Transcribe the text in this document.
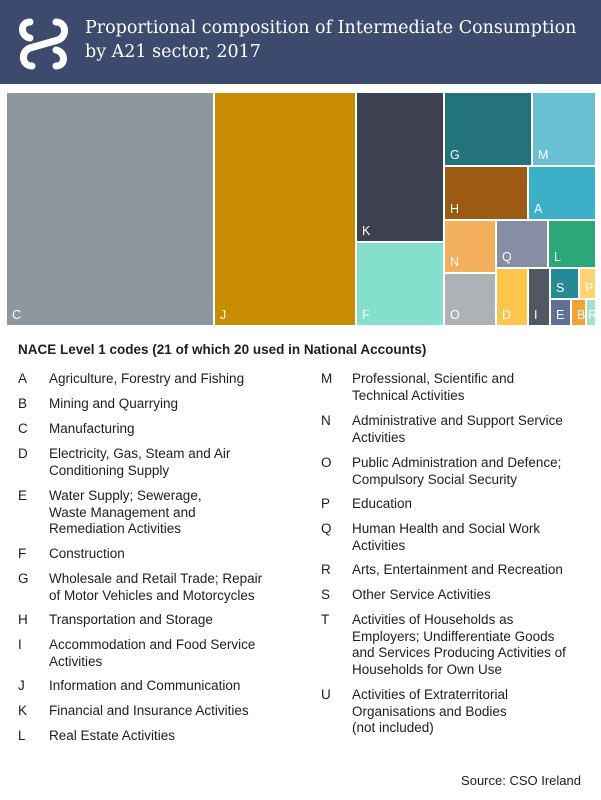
Proportional composition of Intermediate Consumption
by A21 sector, 2017
C	J
K
F
G	M
H	A
N	Q	L
O	D I
S P
E B R
NACE Level 1 codes (21 of which 20 used in National Accounts)
A Agriculture, Forestry and Fishing
B Mining and Quarrying
C Manufacturing
D Electricity, Gas, Steam and Air
Conditioning Supply
E Water Supply; Sewerage,
Waste Management and
Remediation Activities
F Construction
G Wholesale and Retail Trade; Repair
of Motor Vehicles and Motorcycles
H Transportation and Storage
I Accommodation and Food Service
Activities
J Information and Communication
K Financial and Insurance Activities
L Real Estate Activities
M Professional, Scientific and
Technical Activities
N Administrative and Support Service
Activities
O Public Administration and Defence;
Compulsory Social Security
P Education
Q Human Health and Social Work
Activities
R Arts, Entertainment and Recreation
S Other Service Activities
T Activities of Households as
Employers; Undifferentiate Goods
and Services Producing Activities of
Households for Own Use
U Activities of Extraterritorial
Organisations and Bodies
(not included)
Source: CSO Ireland
